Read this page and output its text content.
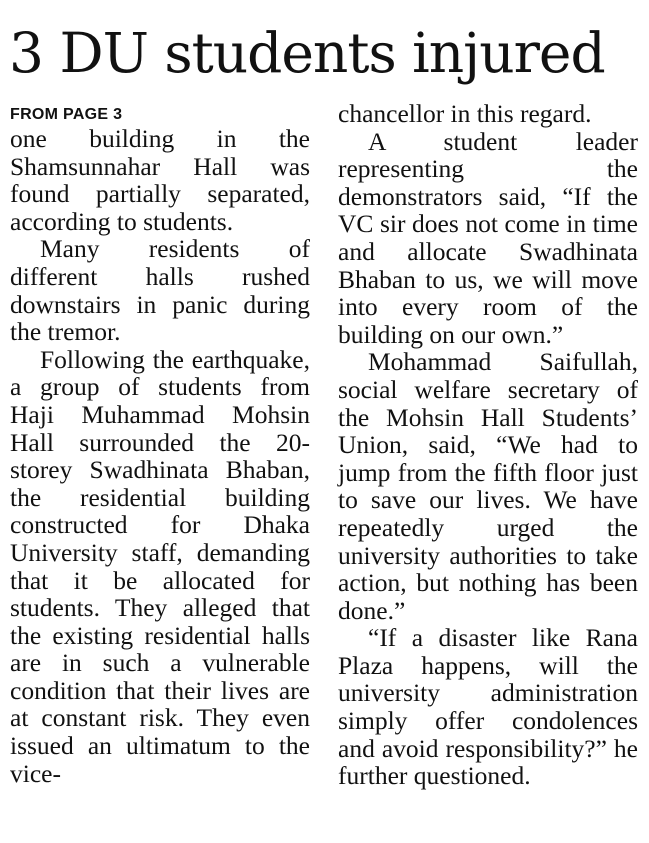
3 DU students injured
FROM PAGE 3

one building in the Shamsunnahar Hall was found partially separated, according to students.

Many residents of different halls rushed downstairs in panic during the tremor.

Following the earthquake, a group of students from Haji Muhammad Mohsin Hall surrounded the 20-storey Swadhinata Bhaban, the residential building constructed for Dhaka University staff, demanding that it be allocated for students. They alleged that the existing residential halls are in such a vulnerable condition that their lives are at constant risk. They even issued an ultimatum to the vice-

chancellor in this regard.

A student leader representing the demonstrators said, “If the VC sir does not come in time and allocate Swadhinata Bhaban to us, we will move into every room of the building on our own.”

Mohammad Saifullah, social welfare secretary of the Mohsin Hall Students’ Union, said, “We had to jump from the fifth floor just to save our lives. We have repeatedly urged the university authorities to take action, but nothing has been done.”

“If a disaster like Rana Plaza happens, will the university administration simply offer condolences and avoid responsibility?” he further questioned.
